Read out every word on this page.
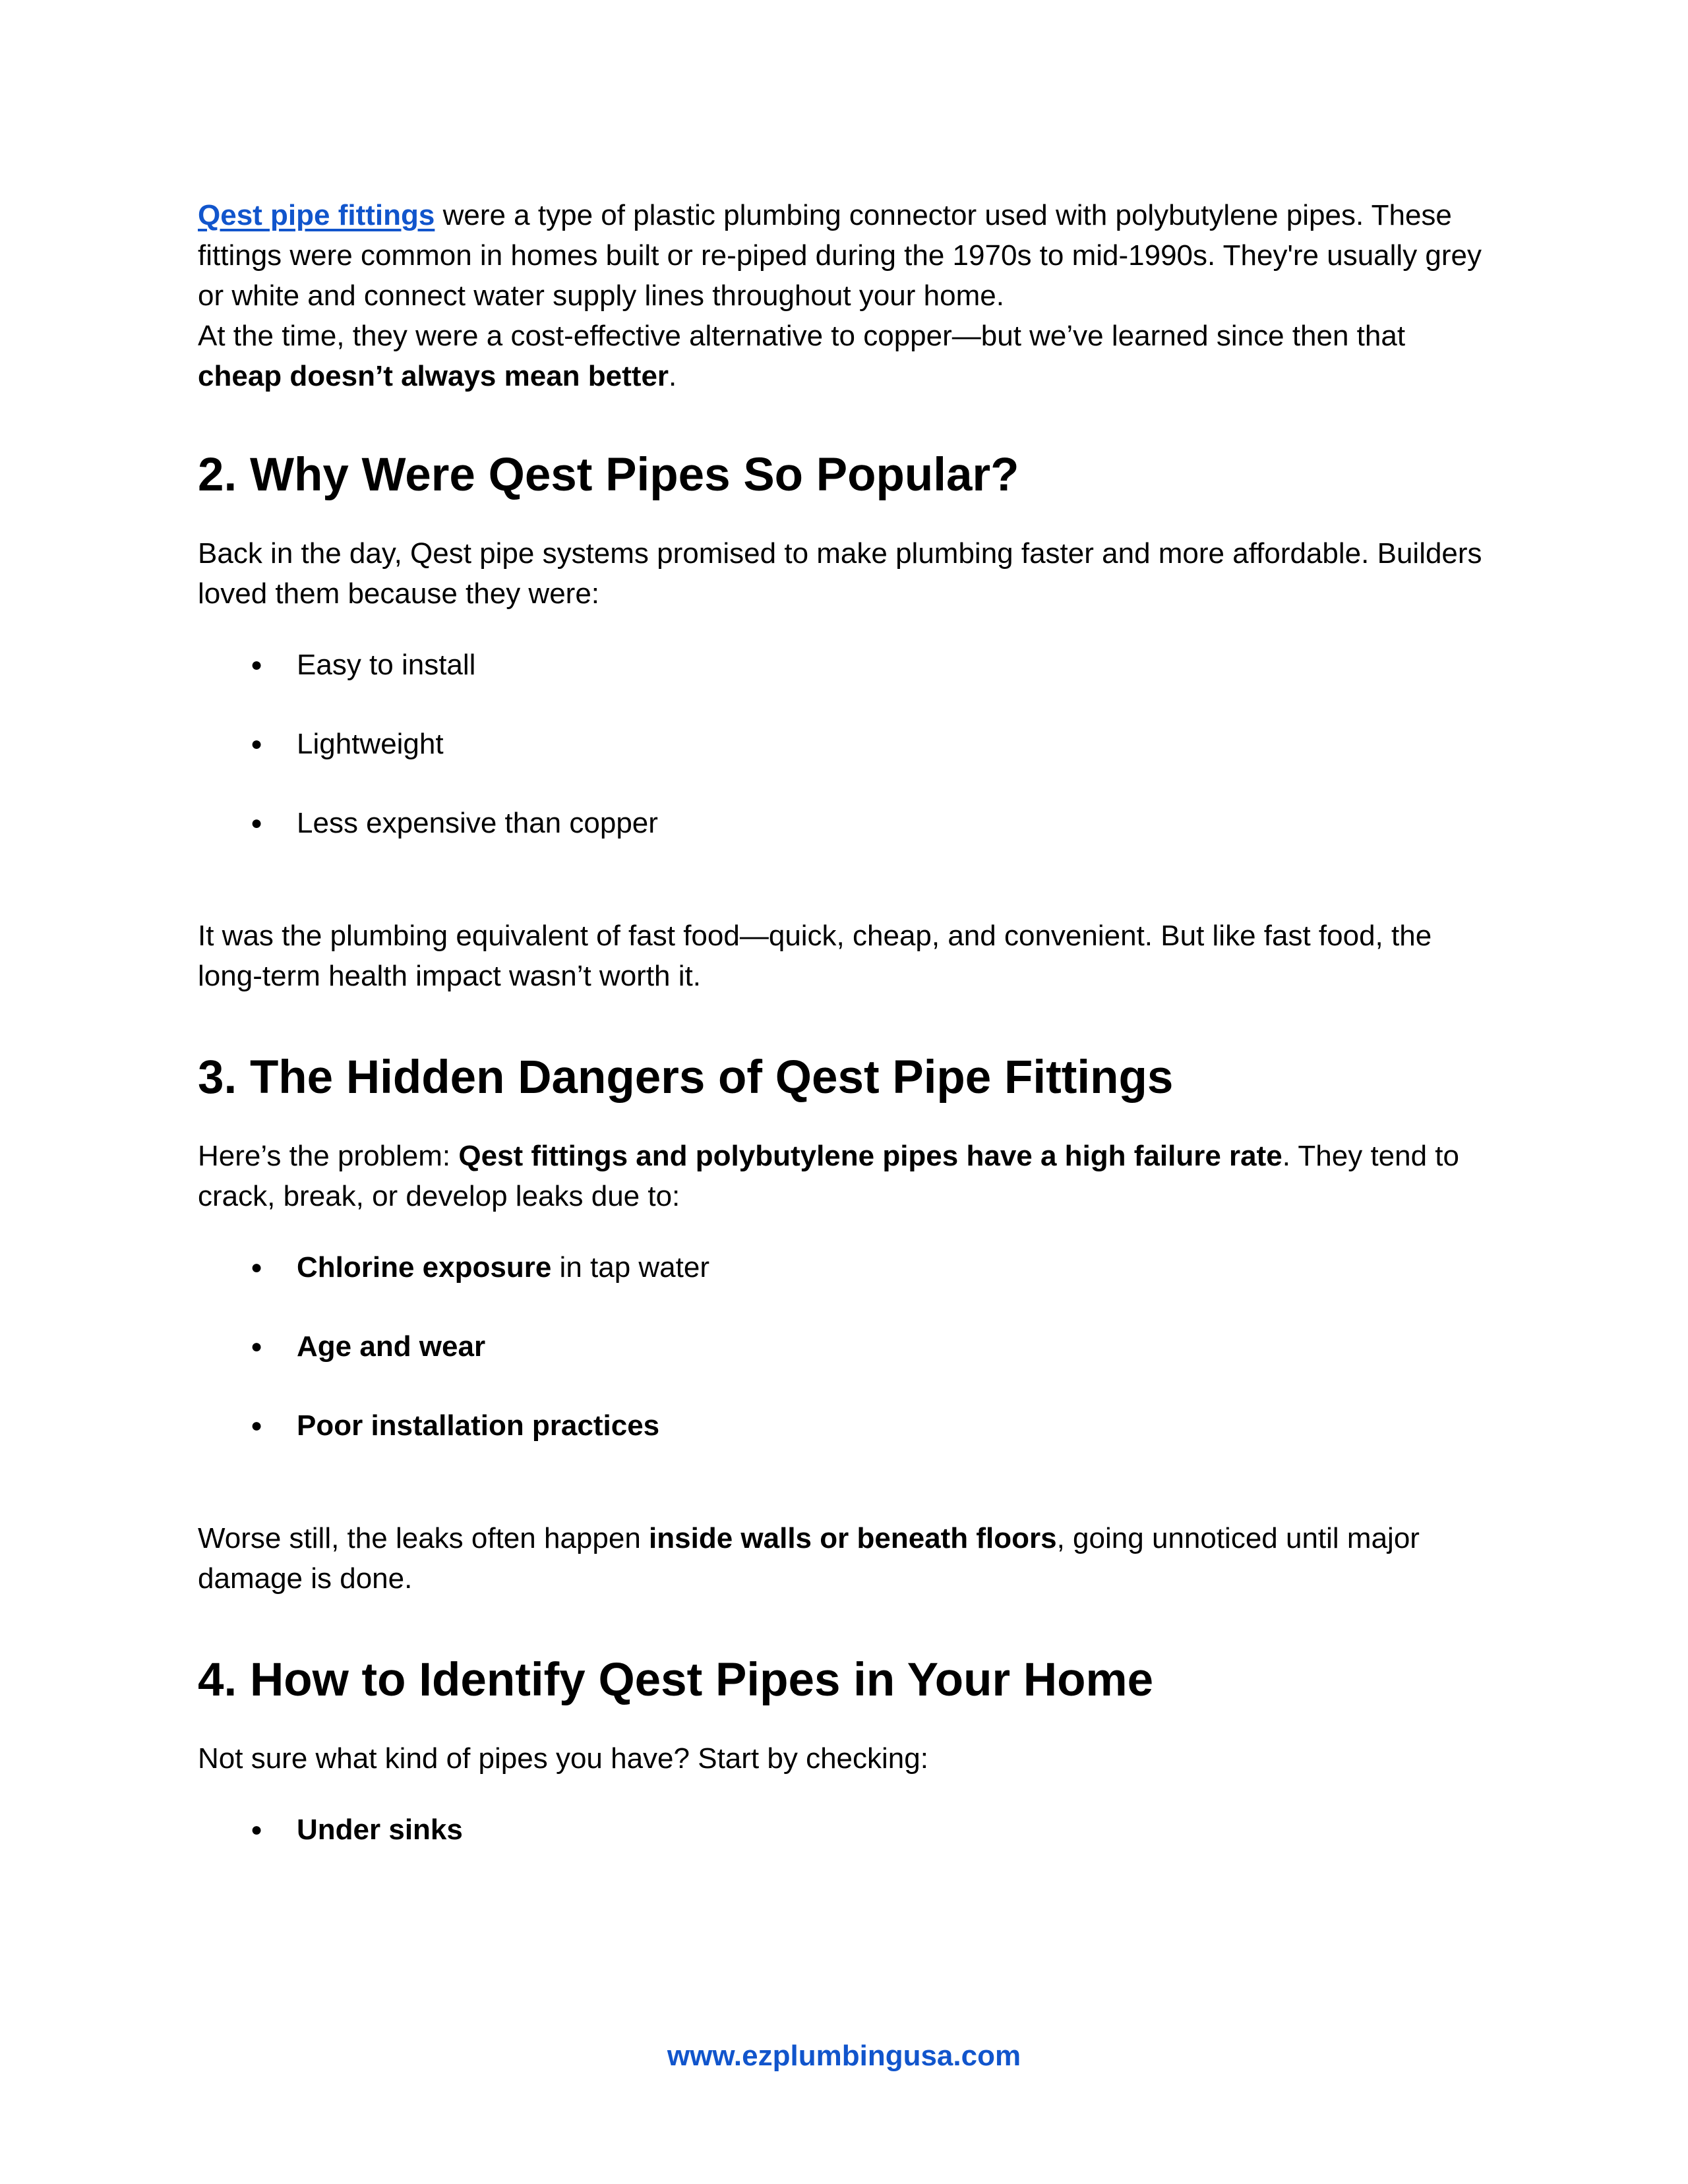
Qest pipe fittings were a type of plastic plumbing connector used with polybutylene pipes. These fittings were common in homes built or re-piped during the 1970s to mid-1990s. They're usually grey or white and connect water supply lines throughout your home.

At the time, they were a cost-effective alternative to copper—but we’ve learned since then that cheap doesn’t always mean better.

2. Why Were Qest Pipes So Popular?

Back in the day, Qest pipe systems promised to make plumbing faster and more affordable. Builders loved them because they were:

● Easy to install
● Lightweight
● Less expensive than copper

It was the plumbing equivalent of fast food—quick, cheap, and convenient. But like fast food, the long-term health impact wasn’t worth it.

3. The Hidden Dangers of Qest Pipe Fittings

Here’s the problem: Qest fittings and polybutylene pipes have a high failure rate. They tend to crack, break, or develop leaks due to:

● Chlorine exposure in tap water
● Age and wear
● Poor installation practices

Worse still, the leaks often happen inside walls or beneath floors, going unnoticed until major damage is done.

4. How to Identify Qest Pipes in Your Home

Not sure what kind of pipes you have? Start by checking:

● Under sinks
www.ezplumbingusa.com
